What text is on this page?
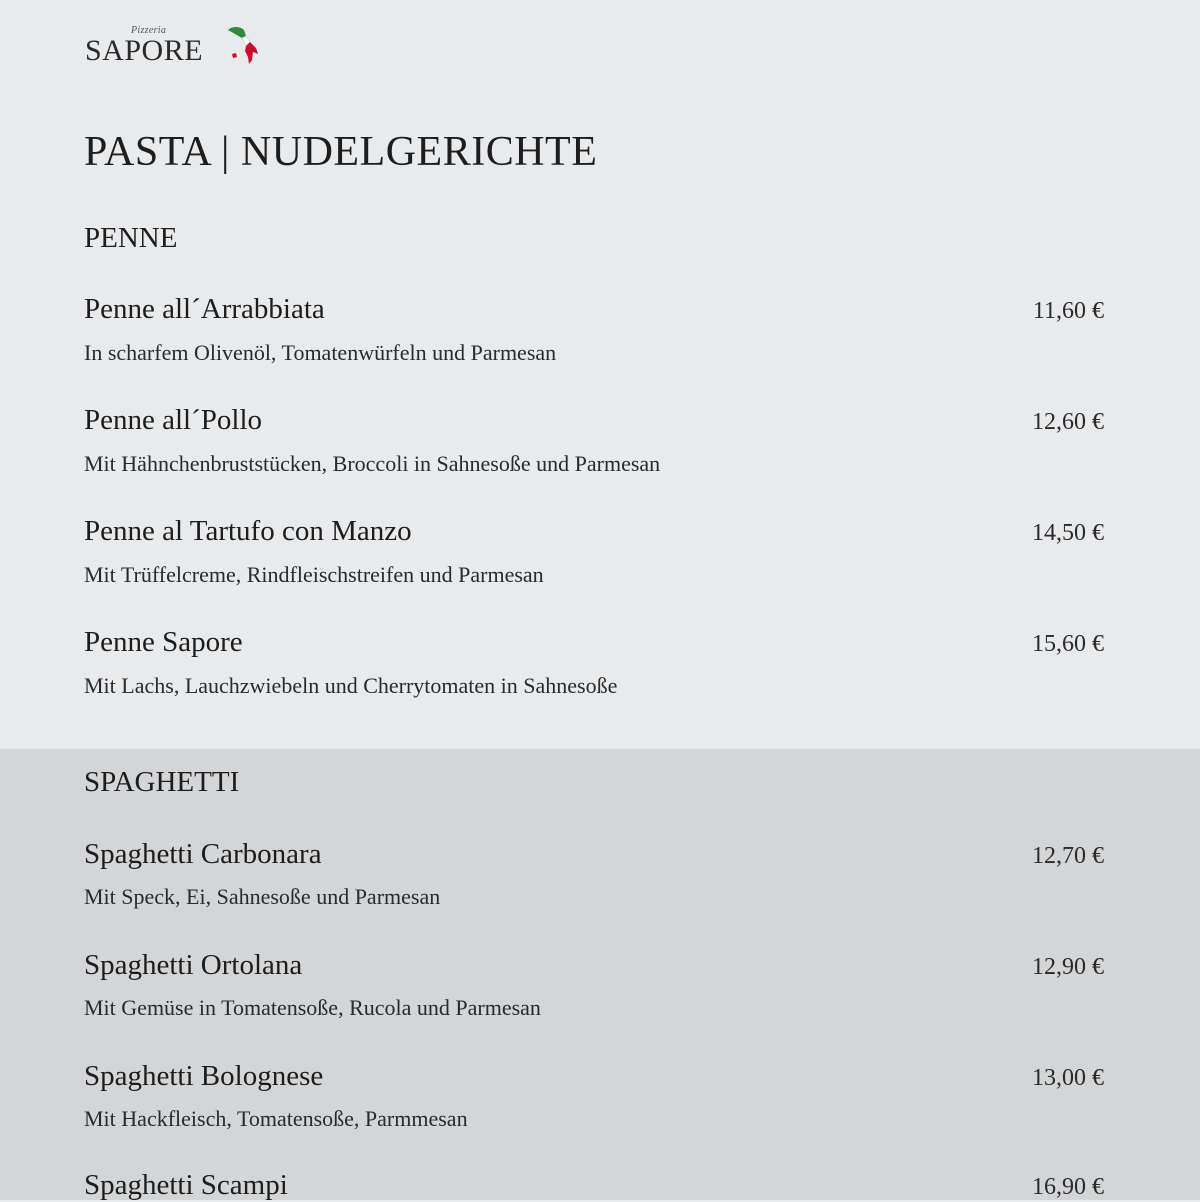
Pizzeria
SAPORE
PASTA | NUDELGERICHTE
PENNE
Penne all´Arrabbiata	11,60 €
In scharfem Olivenöl, Tomatenwürfeln und Parmesan
Penne all´Pollo	12,60 €
Mit Hähnchenbruststücken, Broccoli in Sahnesoße und Parmesan
Penne al Tartufo con Manzo	14,50 €
Mit Trüffelcreme, Rindfleischstreifen und Parmesan
Penne Sapore	15,60 €
Mit Lachs, Lauchzwiebeln und Cherrytomaten in Sahnesoße
SPAGHETTI
Spaghetti Carbonara	12,70 €
Mit Speck, Ei, Sahnesoße und Parmesan
Spaghetti Ortolana	12,90 €
Mit Gemüse in Tomatensoße, Rucola und Parmesan
Spaghetti Bolognese	13,00 €
Mit Hackfleisch, Tomatensoße, Parmmesan
Spaghetti Scampi	16,90 €
